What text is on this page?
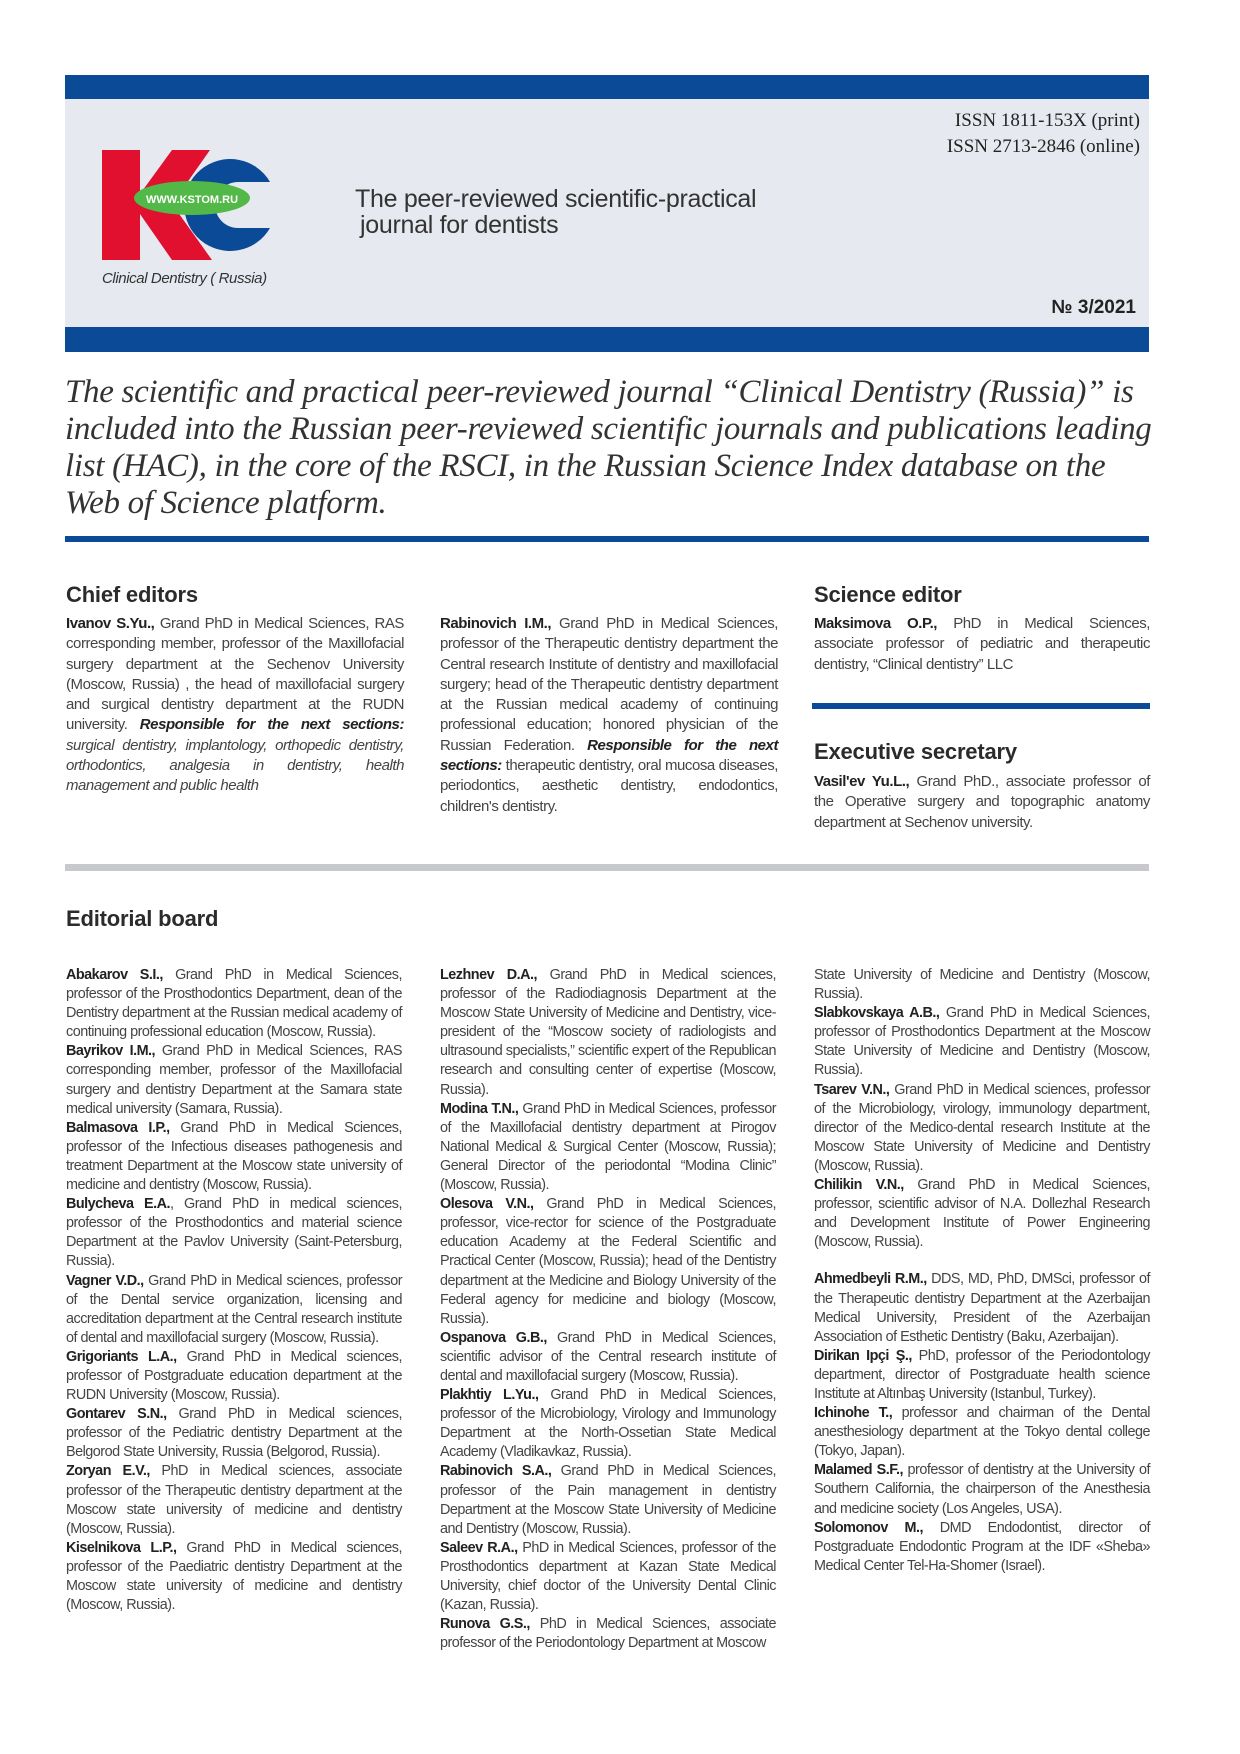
WWW.KSTOM.RU
Clinical Dentistry ( Russia)
ISSN 1811-153X (print)
ISSN 2713-2846 (online)
The peer-reviewed scientific-practical
journal for dentists
№ 3/2021
The scientific and practical peer-reviewed journal “Clinical Dentistry (Russia)” is included into the Russian peer-reviewed scientific journals and publications leading list (HAC), in the core of the RSCI, in the Russian Science Index database on the Web of Science platform.
Chief editors

Ivanov S.Yu., Grand PhD in Medical Sciences, RAS corresponding member, professor of the Maxillofacial surgery department at the Sechenov University (Moscow, Russia) , the head of maxillofacial surgery and surgical dentistry department at the RUDN university. Responsible for the next sections: surgical dentistry, implantology, orthopedic dentistry, orthodontics, analgesia in dentistry, health management and public health

Rabinovich I.M., Grand PhD in Medical Sciences, professor of the Therapeutic dentistry department the Central research Institute of dentistry and maxillofacial surgery; head of the Therapeutic dentistry department at the Russian medical academy of continuing professional education; honored physician of the Russian Federation. Responsible for the next sections: therapeutic dentistry, oral mucosa diseases, periodontics, aesthetic dentistry, endodontics, children's dentistry.

Science editor

Maksimova O.P., PhD in Medical Sciences, associate professor of pediatric and therapeutic dentistry, “Clinical dentistry” LLC

Executive secretary

Vasil'ev Yu.L., Grand PhD., associate professor of the Operative surgery and topographic anatomy department at Sechenov university.

Editorial board

Abakarov S.I., Grand PhD in Medical Sciences, professor of the Prosthodontics Department, dean of the Dentistry department at the Russian medical academy of continuing professional education (Moscow, Russia).

Bayrikov I.M., Grand PhD in Medical Sciences, RAS corresponding member, professor of the Maxillofacial surgery and dentistry Department at the Samara state medical university (Samara, Russia).

Balmasova I.P., Grand PhD in Medical Sciences, professor of the Infectious diseases pathogenesis and treatment Department at the Moscow state university of medicine and dentistry (Moscow, Russia).

Bulycheva E.A., Grand PhD in medical sciences, professor of the Prosthodontics and material science Department at the Pavlov University (Saint-Petersburg, Russia).

Vagner V.D., Grand PhD in Medical sciences, professor of the Dental service organization, licensing and accreditation department at the Central research institute of dental and maxillofacial surgery (Moscow, Russia).

Grigoriants L.A., Grand PhD in Medical sciences, professor of Postgraduate education department at the RUDN University (Moscow, Russia).

Gontarev S.N., Grand PhD in Medical sciences, professor of the Pediatric dentistry Department at the Belgorod State University, Russia (Belgorod, Russia).

Zoryan E.V., PhD in Medical sciences, associate professor of the Therapeutic dentistry department at the Moscow state university of medicine and dentistry (Moscow, Russia).

Kiselnikova L.P., Grand PhD in Medical sciences, professor of the Paediatric dentistry Department at the Moscow state university of medicine and dentistry (Moscow, Russia).

Lezhnev D.A., Grand PhD in Medical sciences, professor of the Radiodiagnosis Department at the Moscow State University of Medicine and Dentistry, vice-president of the “Moscow society of radiologists and ultrasound specialists,” scientific expert of the Republican research and consulting center of expertise (Moscow, Russia).

Modina T.N., Grand PhD in Medical Sciences, professor of the Maxillofacial dentistry department at Pirogov National Medical & Surgical Center (Moscow, Russia); General Director of the periodontal “Modina Clinic” (Moscow, Russia).

Olesova V.N., Grand PhD in Medical Sciences, professor, vice-rector for science of the Postgraduate education Academy at the Federal Scientific and Practical Center (Moscow, Russia); head of the Dentistry department at the Medicine and Biology University of the Federal agency for medicine and biology (Moscow, Russia).

Ospanova G.B., Grand PhD in Medical Sciences, scientific advisor of the Central research institute of dental and maxillofacial surgery (Moscow, Russia).

Plakhtiy L.Yu., Grand PhD in Medical Sciences, professor of the Microbiology, Virology and Immunology Department at the North-Ossetian State Medical Academy (Vladikavkaz, Russia).

Rabinovich S.A., Grand PhD in Medical Sciences, professor of the Pain management in dentistry Department at the Moscow State University of Medicine and Dentistry (Moscow, Russia).

Saleev R.A., PhD in Medical Sciences, professor of the Prosthodontics department at Kazan State Medical University, chief doctor of the University Dental Clinic (Kazan, Russia).

Runova G.S., PhD in Medical Sciences, associate professor of the Periodontology Department at Moscow

State University of Medicine and Dentistry (Moscow, Russia).

Slabkovskaya A.B., Grand PhD in Medical Sciences, professor of Prosthodontics Department at the Moscow State University of Medicine and Dentistry (Moscow, Russia).

Tsarev V.N., Grand PhD in Medical sciences, professor of the Microbiology, virology, immunology department, director of the Medico-dental research Institute at the Moscow State University of Medicine and Dentistry (Moscow, Russia).

Chilikin V.N., Grand PhD in Medical Sciences, professor, scientific advisor of N.A. Dollezhal Research and Development Institute of Power Engineering (Moscow, Russia).

Ahmedbeyli R.M., DDS, MD, PhD, DMSci, professor of the Therapeutic dentistry Department at the Azerbaijan Medical University, President of the Azerbaijan Association of Esthetic Dentistry (Baku, Azerbaijan).

Dirikan Ipçi Ş., PhD, professor of the Periodontology department, director of Postgraduate health science Institute at Altınbaş University (Istanbul, Turkey).

Ichinohe T., professor and chairman of the Dental anesthesiology department at the Tokyo dental college (Tokyo, Japan).

Malamed S.F., professor of dentistry at the University of Southern California, the chairperson of the Anesthesia and medicine society (Los Angeles, USA).

Solomonov M., DMD Endodontist, director of Postgraduate Endodontic Program at the IDF «Sheba» Medical Center Tel-Ha-Shomer (Israel).
